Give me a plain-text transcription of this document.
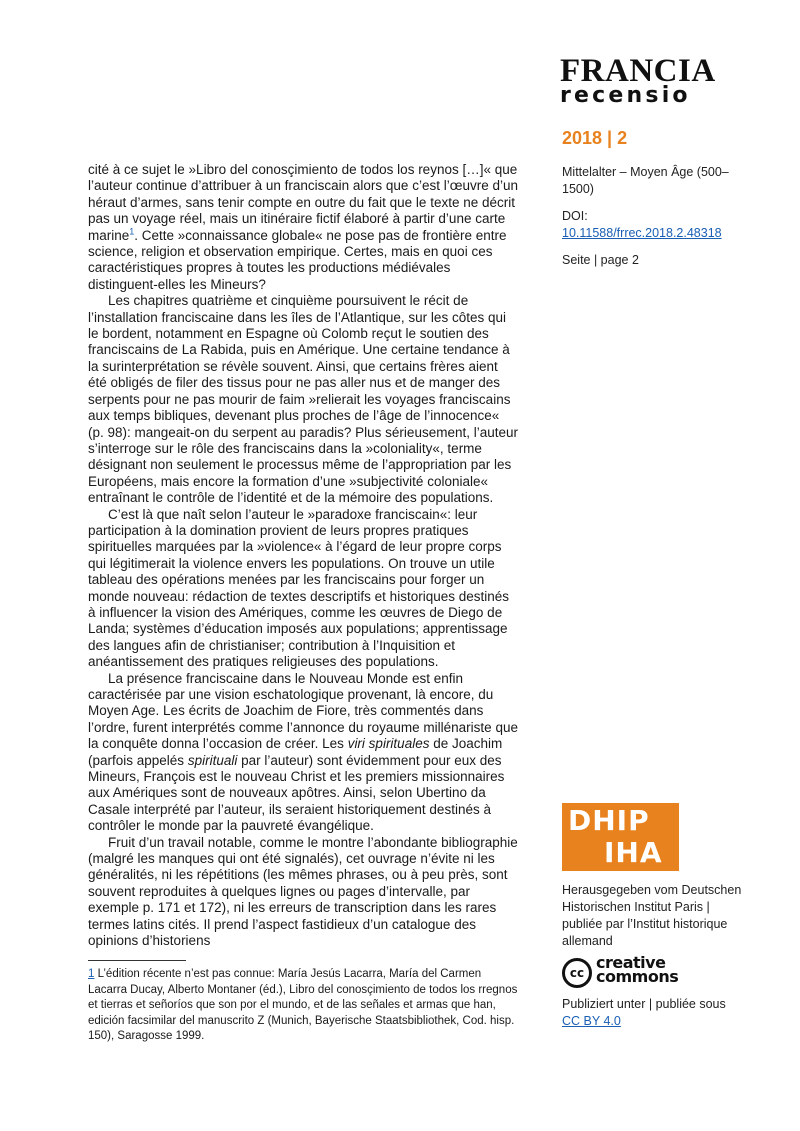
FRANCIA
recensio
2018 | 2
Mittelalter – Moyen Âge (500–1500)
DOI:
10.11588/frrec.2018.2.48318
Seite | page 2

cité à ce sujet le »Libro del conosçimiento de todos los reynos […]« que l’auteur continue d’attribuer à un franciscain alors que c’est l’œuvre d’un héraut d’armes, sans tenir compte en outre du fait que le texte ne décrit pas un voyage réel, mais un itinéraire fictif élaboré à partir d’une carte marine$^1$. Cette »connaissance globale« ne pose pas de frontière entre science, religion et observation empirique. Certes, mais en quoi ces caractéristiques propres à toutes les productions médiévales distinguent-elles les Mineurs?

Les chapitres quatrième et cinquième poursuivent le récit de l’installation franciscaine dans les îles de l’Atlantique, sur les côtes qui le bordent, notamment en Espagne où Colomb reçut le soutien des franciscains de La Rabida, puis en Amérique. Une certaine tendance à la surinterprétation se révèle souvent. Ainsi, que certains frères aient été obligés de filer des tissus pour ne pas aller nus et de manger des serpents pour ne pas mourir de faim »relierait les voyages franciscains aux temps bibliques, devenant plus proches de l’âge de l’innocence« (p. 98): mangeait-on du serpent au paradis? Plus sérieusement, l’auteur s’interroge sur le rôle des franciscains dans la »coloniality«, terme désignant non seulement le processus même de l’appropriation par les Européens, mais encore la formation d’une »subjectivité coloniale« entraînant le contrôle de l’identité et de la mémoire des populations.

C’est là que naît selon l’auteur le »paradoxe franciscain«: leur participation à la domination provient de leurs propres pratiques spirituelles marquées par la »violence« à l’égard de leur propre corps qui légitimerait la violence envers les populations. On trouve un utile tableau des opérations menées par les franciscains pour forger un monde nouveau: rédaction de textes descriptifs et historiques destinés à influencer la vision des Amériques, comme les œuvres de Diego de Landa; systèmes d’éducation imposés aux populations; apprentissage des langues afin de christianiser; contribution à l’Inquisition et anéantissement des pratiques religieuses des populations.

La présence franciscaine dans le Nouveau Monde est enfin caractérisée par une vision eschatologique provenant, là encore, du Moyen Age. Les écrits de Joachim de Fiore, très commentés dans l’ordre, furent interprétés comme l’annonce du royaume millénariste que la conquête donna l’occasion de créer. Les viri spirituales de Joachim (parfois appelés spirituali par l’auteur) sont évidemment pour eux des Mineurs, François est le nouveau Christ et les premiers missionnaires aux Amériques sont de nouveaux apôtres. Ainsi, selon Ubertino da Casale interprété par l’auteur, ils seraient historiquement destinés à contrôler le monde par la pauvreté évangélique.

Fruit d’un travail notable, comme le montre l’abondante bibliographie (malgré les manques qui ont été signalés), cet ouvrage n’évite ni les généralités, ni les répétitions (les mêmes phrases, ou à peu près, sont souvent reproduites à quelques lignes ou pages d’intervalle, par exemple p. 171 et 172), ni les erreurs de transcription dans les rares termes latins cités. Il prend l’aspect fastidieux d’un catalogue des opinions d’historiens

DHIP
IHA
Herausgegeben vom Deutschen Historischen Institut Paris | publiée par l’Institut historique allemand
cc
creative
commons
Publiziert unter | publiée sous
CC BY 4.0
1 L’édition récente n’est pas connue: María Jesús Lacarra, María del Carmen Lacarra Ducay, Alberto Montaner (éd.), Libro del conosçimiento de todos los rregnos et tierras et señoríos que son por el mundo, et de las señales et armas que han, edición facsimilar del manuscrito Z (Munich, Bayerische Staatsbibliothek, Cod. hisp. 150), Saragosse 1999.
